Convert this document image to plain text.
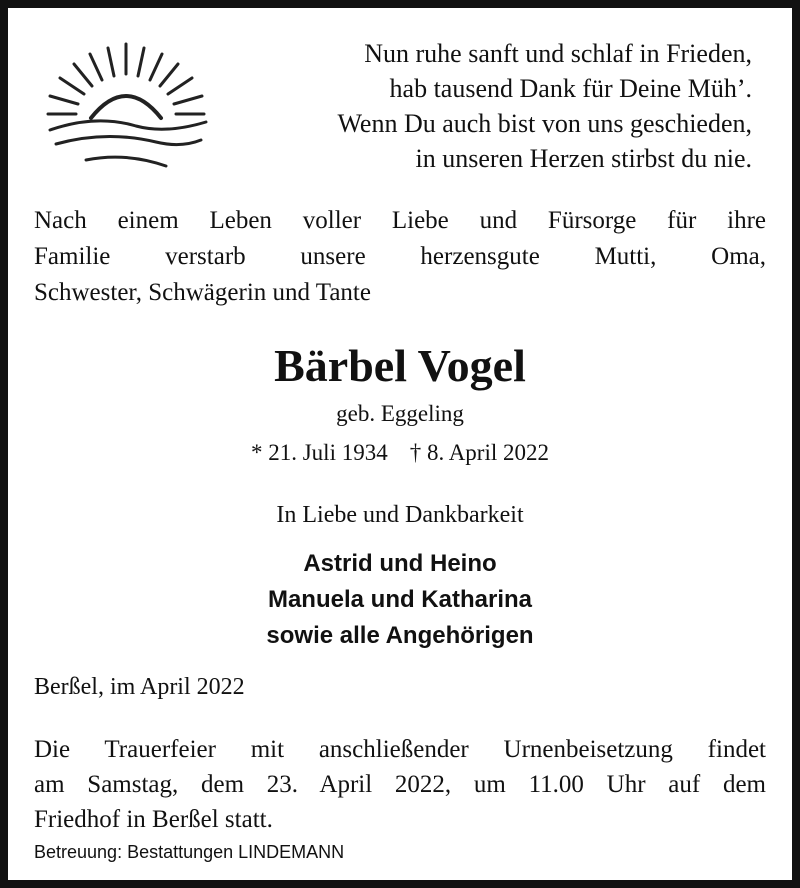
Nun ruhe sanft und schlaf in Frieden,
hab tausend Dank für Deine Müh’.
Wenn Du auch bist von uns geschieden,
in unseren Herzen stirbst du nie.
Nach einem Leben voller Liebe und Fürsorge für ihre
Familie verstarb unsere herzensgute Mutti, Oma,
Schwester, Schwägerin und Tante
Bärbel Vogel
geb. Eggeling
* 21. Juli 1934 † 8. April 2022
In Liebe und Dankbarkeit
Astrid und Heino
Manuela und Katharina
sowie alle Angehörigen
Berßel, im April 2022
Die Trauerfeier mit anschließender Urnenbeisetzung findet
am Samstag, dem 23. April 2022, um 11.00 Uhr auf dem
Friedhof in Berßel statt.
Betreuung: Bestattungen LINDEMANN
